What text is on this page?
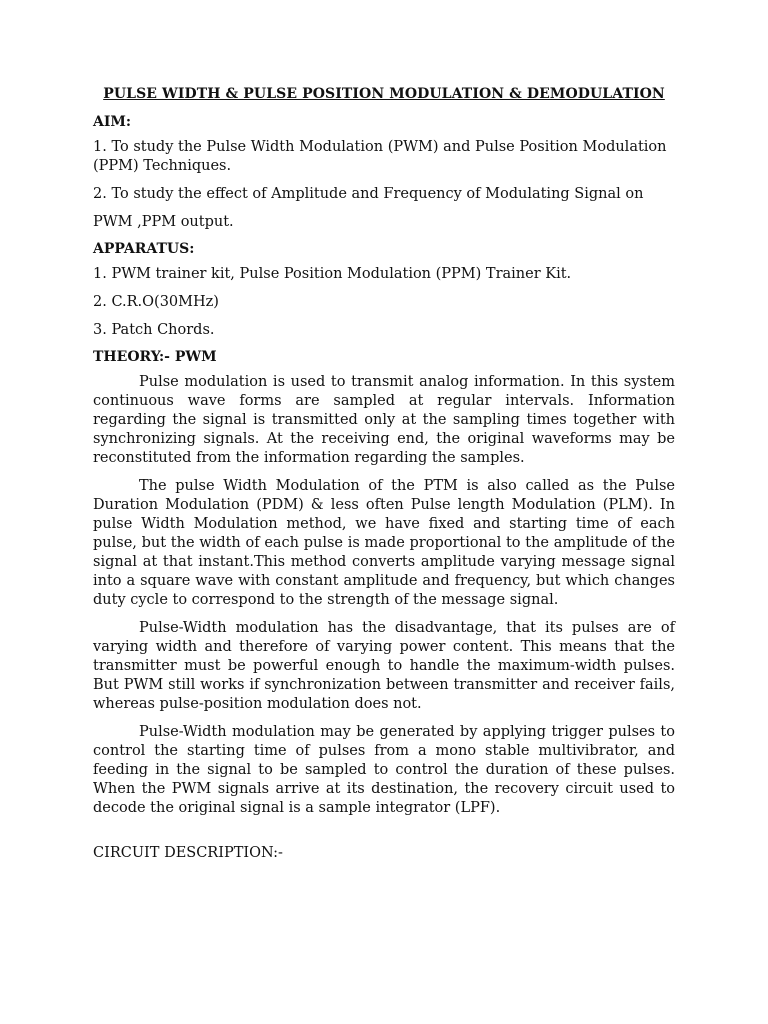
PULSE WIDTH & PULSE POSITION MODULATION & DEMODULATION
AIM:
1. To study the Pulse Width Modulation (PWM) and Pulse Position Modulation (PPM) Techniques.
2. To study the effect of Amplitude and Frequency of Modulating Signal on
PWM ,PPM output.
APPARATUS:
1. PWM trainer kit, Pulse Position Modulation (PPM) Trainer Kit.
2. C.R.O(30MHz)
3. Patch Chords.
THEORY:- PWM
Pulse modulation is used to transmit analog information. In this system continuous wave forms are sampled at regular intervals. Information regarding the signal is transmitted only at the sampling times together with synchronizing signals. At the receiving end, the original waveforms may be reconstituted from the information regarding the samples.
The pulse Width Modulation of the PTM is also called as the Pulse Duration Modulation (PDM) & less often Pulse length Modulation (PLM). In pulse Width Modulation method, we have fixed and starting time of each pulse, but the width of each pulse is made proportional to the amplitude of the signal at that instant.This method converts amplitude varying message signal into a square wave with constant amplitude and frequency, but which changes duty cycle to correspond to the strength of the message signal.
Pulse-Width modulation has the disadvantage, that its pulses are of varying width and therefore of varying power content. This means that the transmitter must be powerful enough to handle the maximum-width pulses. But PWM still works if synchronization between transmitter and receiver fails, whereas pulse-position modulation does not.
Pulse-Width modulation may be generated by applying trigger pulses to control the starting time of pulses from a mono stable multivibrator, and feeding in the signal to be sampled to control the duration of these pulses. When the PWM signals arrive at its destination, the recovery circuit used to decode the original signal is a sample integrator (LPF).
CIRCUIT DESCRIPTION:-
